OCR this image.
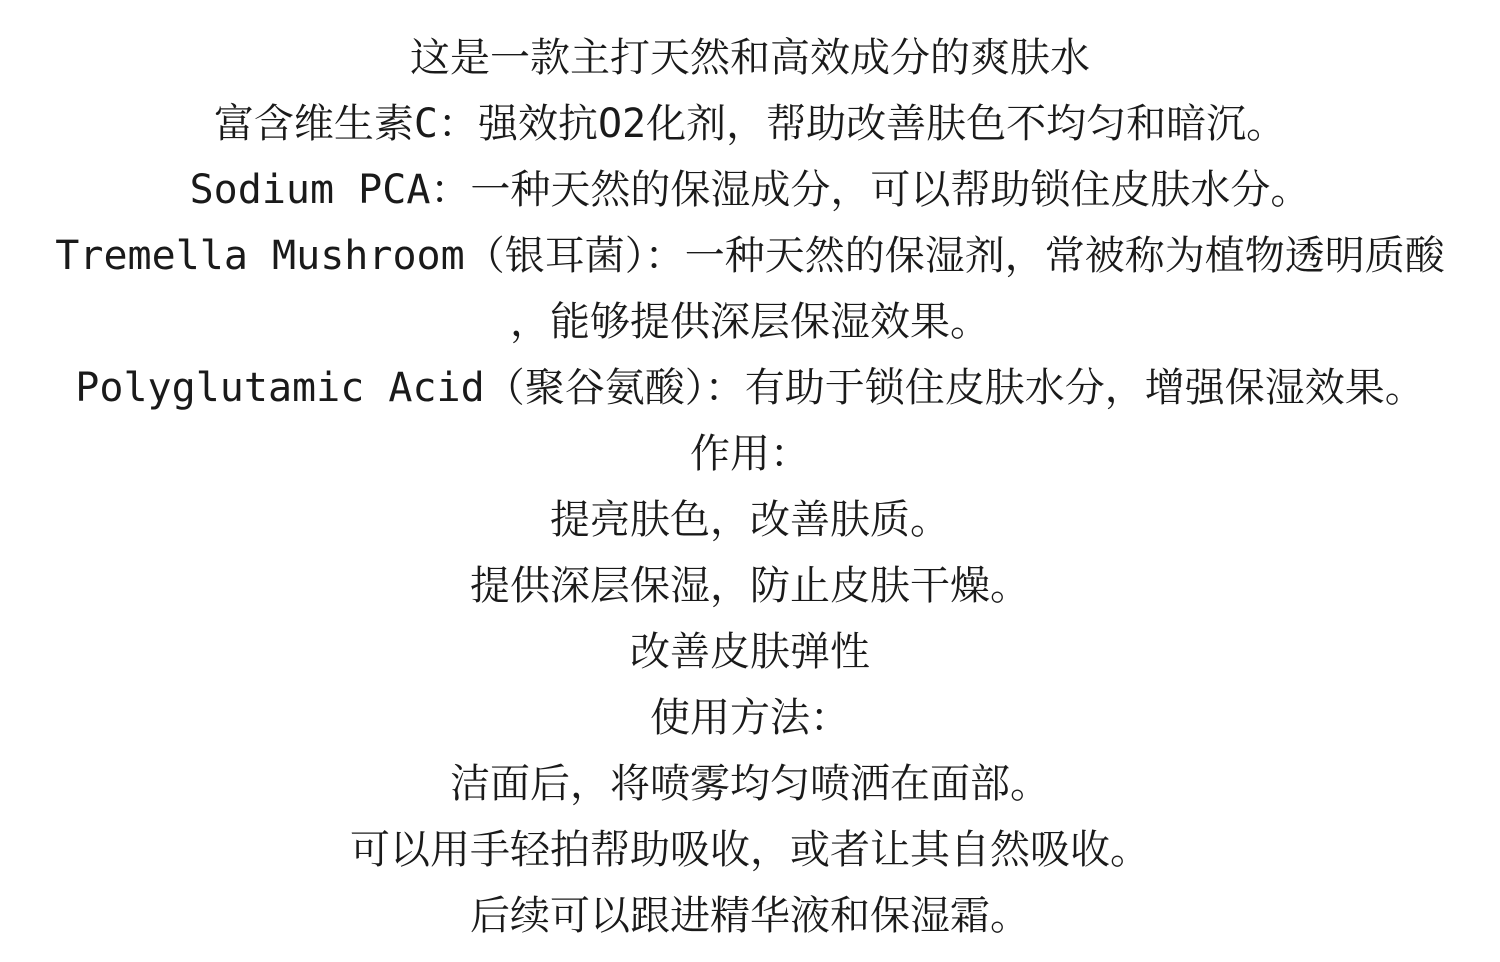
这是一款主打天然和高效成分的爽肤水
富含维生素C：强效抗O2化剂，帮助改善肤色不均匀和暗沉。
Sodium PCA：一种天然的保湿成分，可以帮助锁住皮肤水分。
Tremella Mushroom（银耳菌）：一种天然的保湿剂，常被称为植物透明质酸
，能够提供深层保湿效果。
Polyglutamic Acid（聚谷氨酸）：有助于锁住皮肤水分，增强保湿效果。
作用：
提亮肤色，改善肤质。
提供深层保湿，防止皮肤干燥。
改善皮肤弹性
使用方法：
洁面后，将喷雾均匀喷洒在面部。
可以用手轻拍帮助吸收，或者让其自然吸收。
后续可以跟进精华液和保湿霜。
